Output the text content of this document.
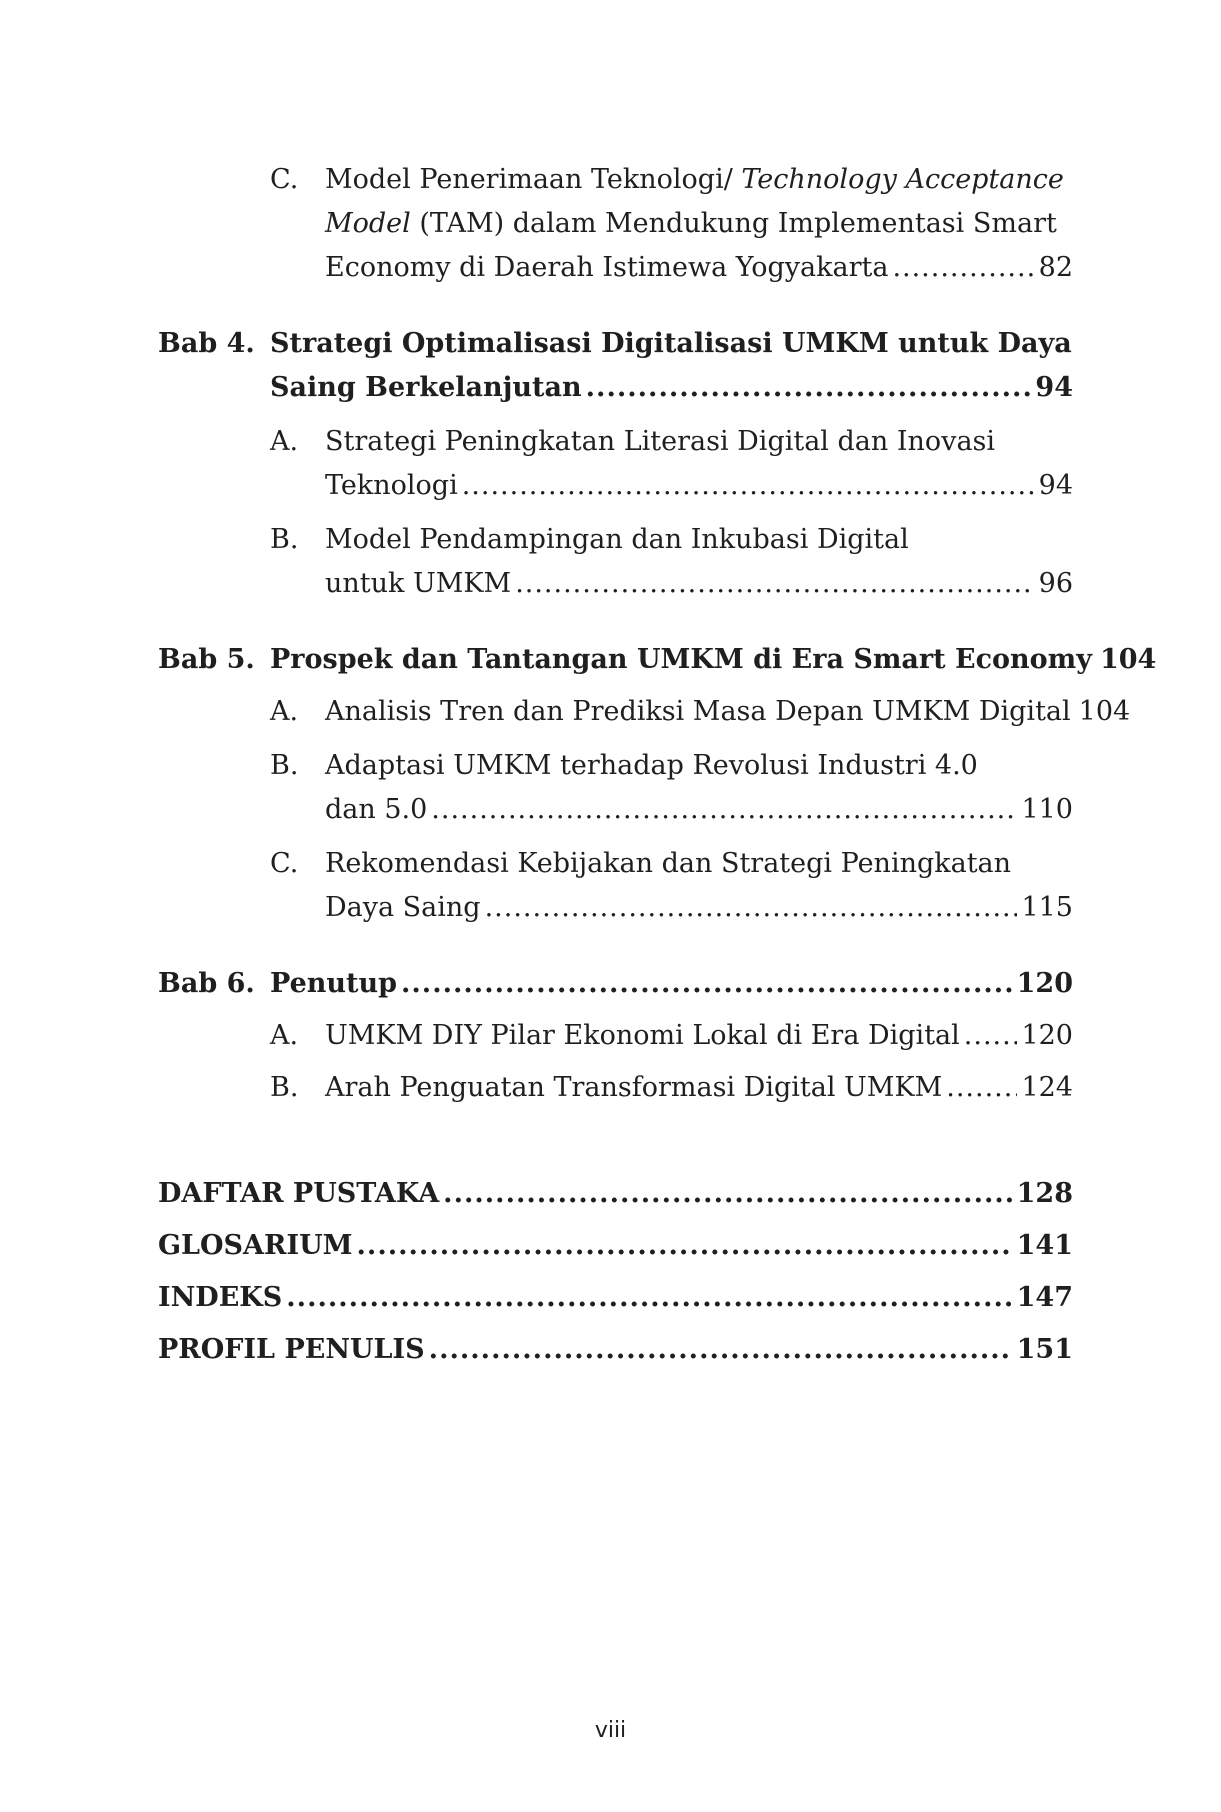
C. Model Penerimaan Teknologi/ Technology Acceptance
Model (TAM) dalam Mendukung Implementasi Smart
Economy di Daerah Istimewa Yogyakarta .....	82
Bab 4. Strategi Optimalisasi Digitalisasi UMKM untuk Daya
Saing Berkelanjutan .....	94
A. Strategi Peningkatan Literasi Digital dan Inovasi
Teknologi .....	94
B. Model Pendampingan dan Inkubasi Digital
untuk UMKM .....	96
Bab 5. Prospek dan Tantangan UMKM di Era Smart Economy 104
A. Analisis Tren dan Prediksi Masa Depan UMKM Digital 104
B. Adaptasi UMKM terhadap Revolusi Industri 4.0
dan 5.0 .....	110
C. Rekomendasi Kebijakan dan Strategi Peningkatan
Daya Saing .....	115
Bab 6. Penutup .....	120
A. UMKM DIY Pilar Ekonomi Lokal di Era Digital ..... 120
B. Arah Penguatan Transformasi Digital UMKM .....	124
DAFTAR PUSTAKA .....	128
GLOSARIUM .....	141
INDEKS .....	147
PROFIL PENULIS .....	151
viii
